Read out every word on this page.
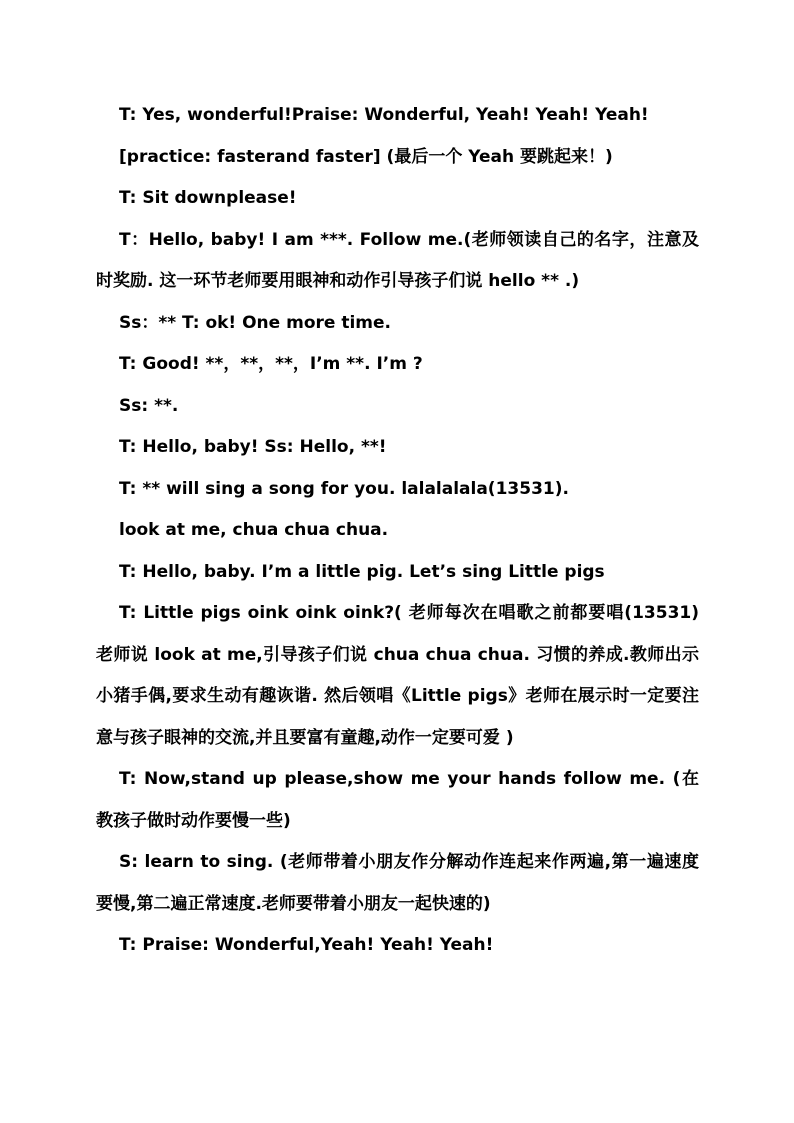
T: Yes, wonderful!Praise: Wonderful, Yeah! Yeah! Yeah!

[practice: fasterand faster] (最后一个 Yeah 要跳起来！)

T: Sit downplease!

T：Hello, baby! I am ***. Follow me.(老师领读自己的名字，注意及时奖励. 这一环节老师要用眼神和动作引导孩子们说 hello ** .)

Ss：** T: ok! One more time.

T: Good! **，**，**，I’m **. I’m ?

Ss: **.

T: Hello, baby! Ss: Hello, **!

T: ** will sing a song for you. lalalalala(13531).

look at me, chua chua chua.

T: Hello, baby. I’m a little pig. Let’s sing Little pigs

T: Little pigs oink oink oink?( 老师每次在唱歌之前都要唱(13531) 老师说 look at me,引导孩子们说 chua chua chua. 习惯的养成.教师出示小猪手偶,要求生动有趣诙谐. 然后领唱《Little pigs》老师在展示时一定要注意与孩子眼神的交流,并且要富有童趣,动作一定要可爱 )

T: Now,stand up please,show me your hands follow me. (在教孩子做时动作要慢一些)

S: learn to sing. (老师带着小朋友作分解动作连起来作两遍,第一遍速度要慢,第二遍正常速度.老师要带着小朋友一起快速的)

T: Praise: Wonderful,Yeah! Yeah! Yeah!
